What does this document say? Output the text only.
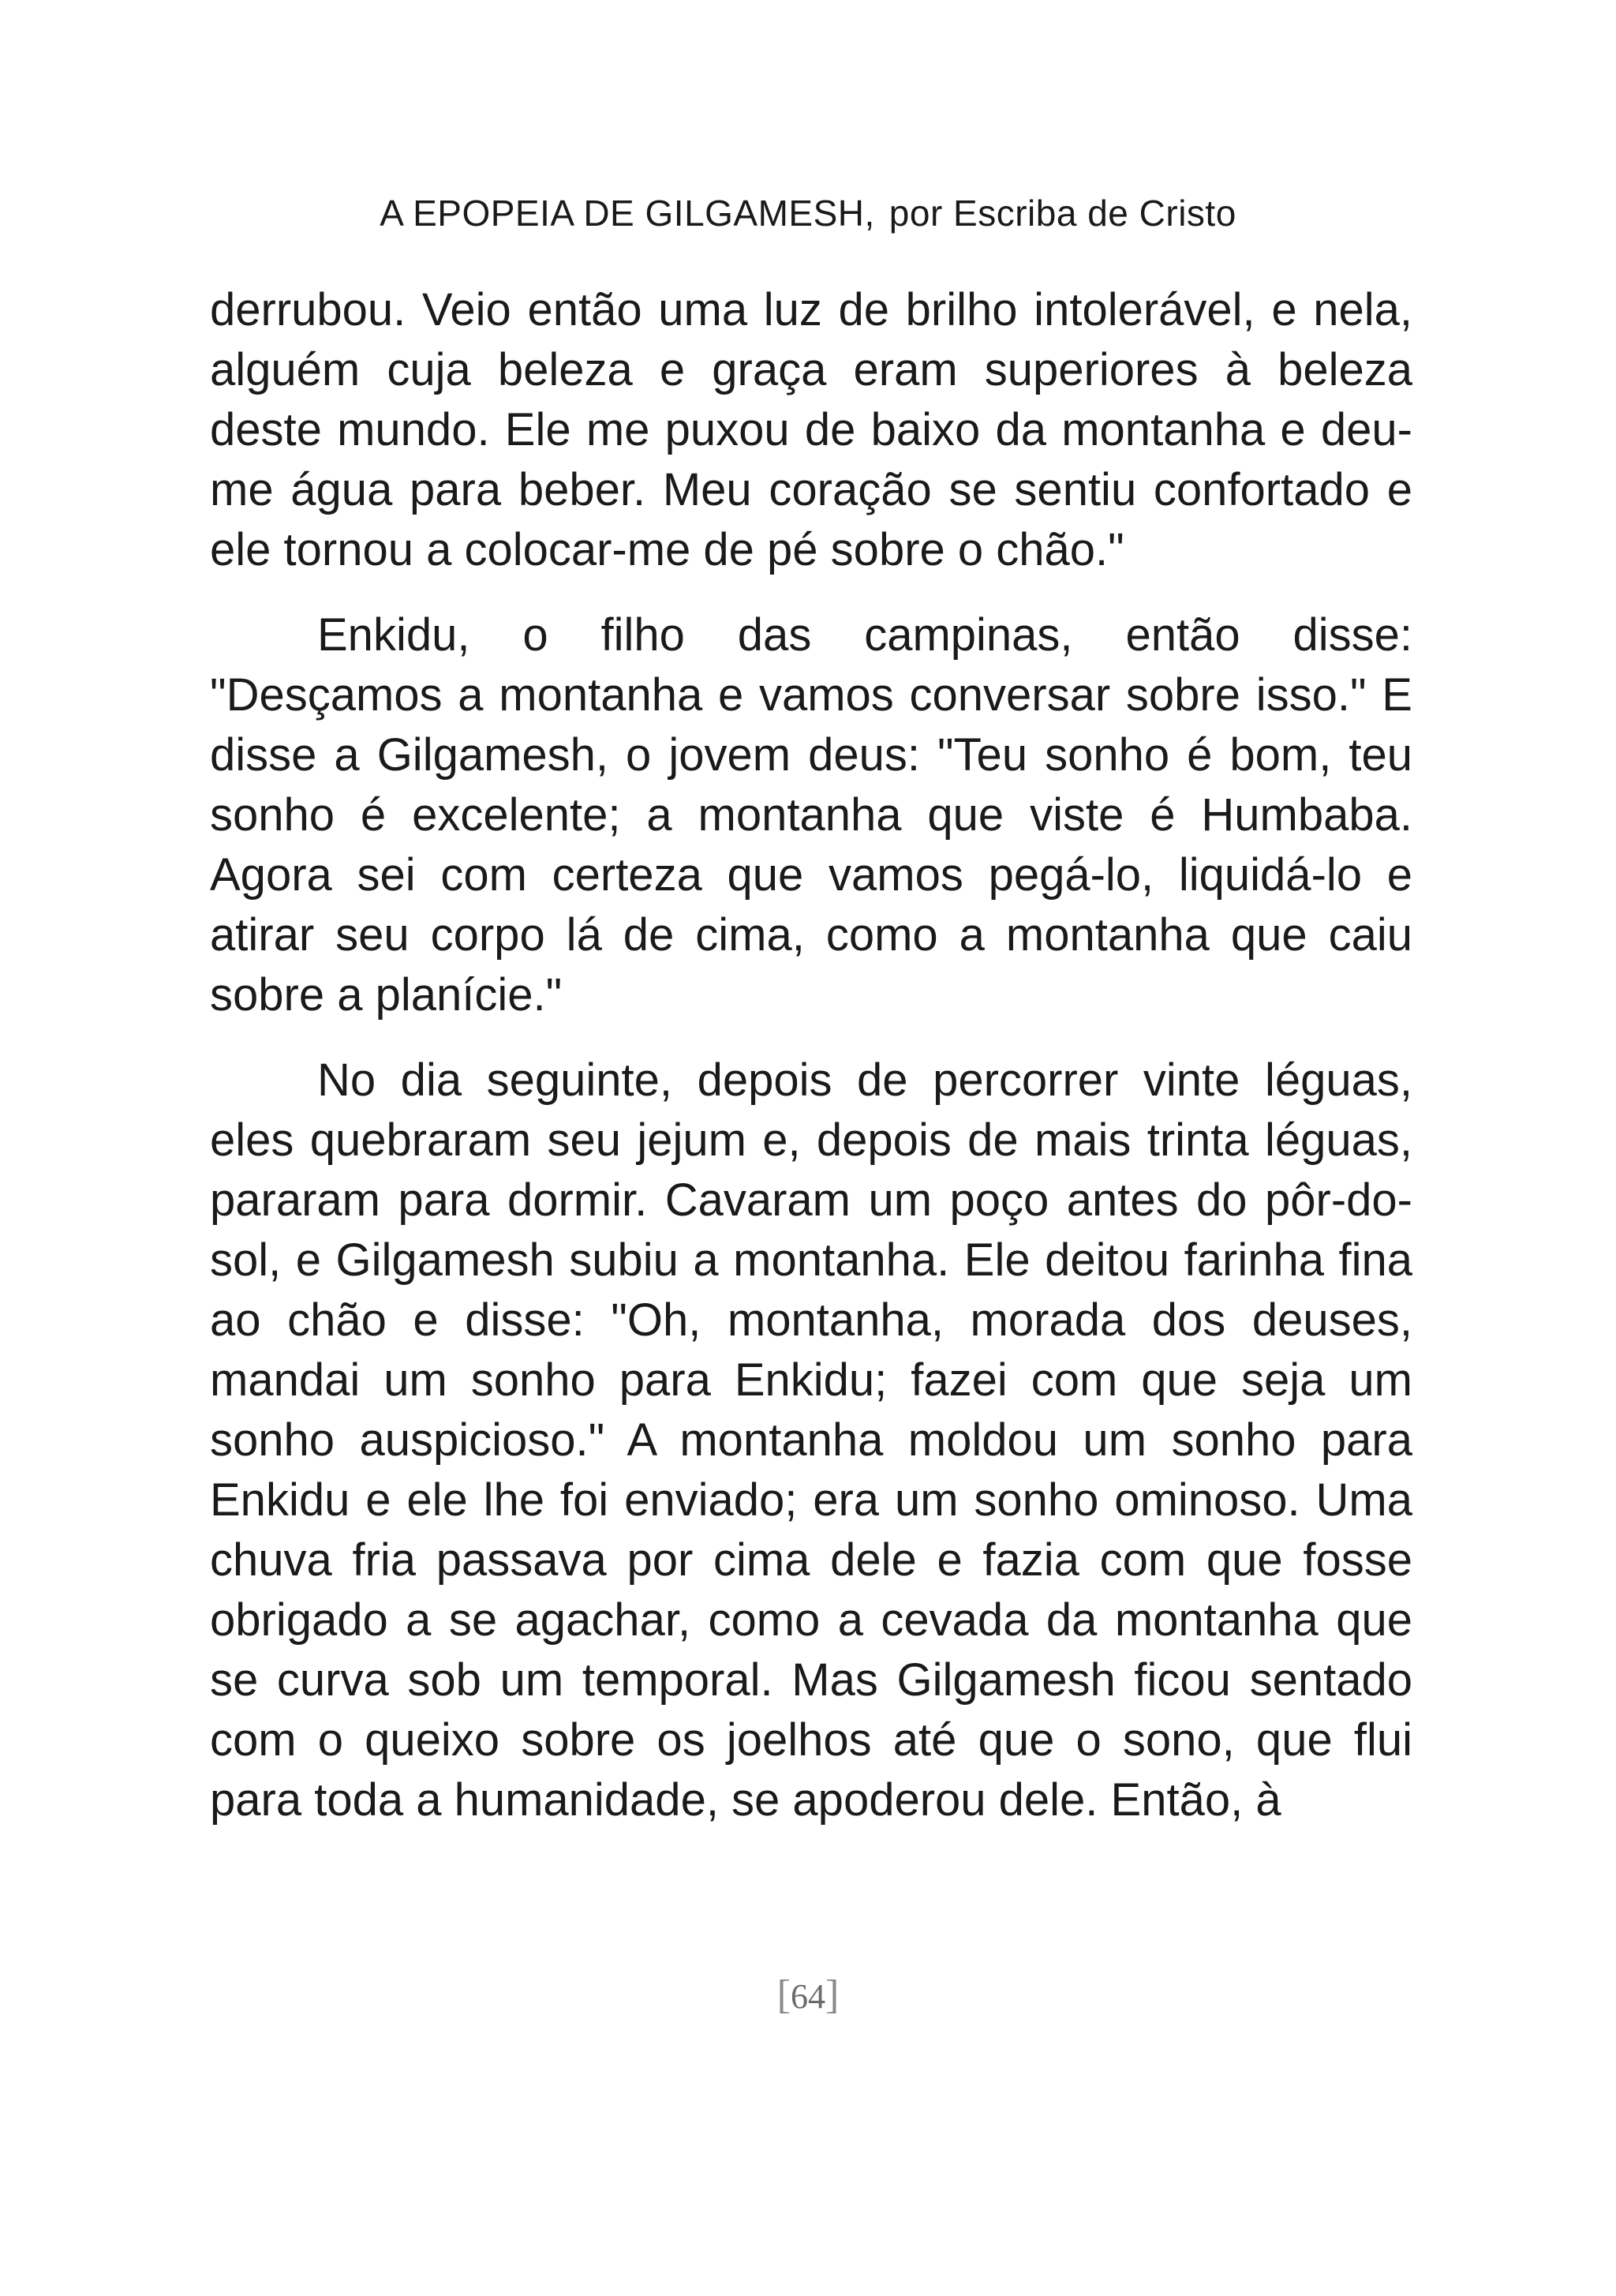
A EPOPEIA DE GILGAMESH, por Escriba de Cristo

derrubou. Veio então uma luz de brilho intolerável, e nela, alguém cuja beleza e graça eram superiores à beleza deste mundo. Ele me puxou de baixo da montanha e deu-me água para beber. Meu coração se sentiu confortado e ele tornou a colocar-me de pé sobre o chão."

Enkidu, o filho das campinas, então disse: "Desçamos a montanha e vamos conversar sobre isso." E disse a Gilgamesh, o jovem deus: "Teu sonho é bom, teu sonho é excelente; a montanha que viste é Humbaba. Agora sei com certeza que vamos pegá-lo, liquidá-lo e atirar seu corpo lá de cima, como a montanha que caiu sobre a planície."

No dia seguinte, depois de percorrer vinte léguas, eles quebraram seu jejum e, depois de mais trinta léguas, pararam para dormir. Cavaram um poço antes do pôr-do-sol, e Gilgamesh subiu a montanha. Ele deitou farinha fina ao chão e disse: "Oh, montanha, morada dos deuses, mandai um sonho para Enkidu; fazei com que seja um sonho auspicioso." A montanha moldou um sonho para Enkidu e ele lhe foi enviado; era um sonho ominoso. Uma chuva fria passava por cima dele e fazia com que fosse obrigado a se agachar, como a cevada da montanha que se curva sob um temporal. Mas Gilgamesh ficou sentado com o queixo sobre os joelhos até que o sono, que flui para toda a humanidade, se apoderou dele. Então, à

[64]
